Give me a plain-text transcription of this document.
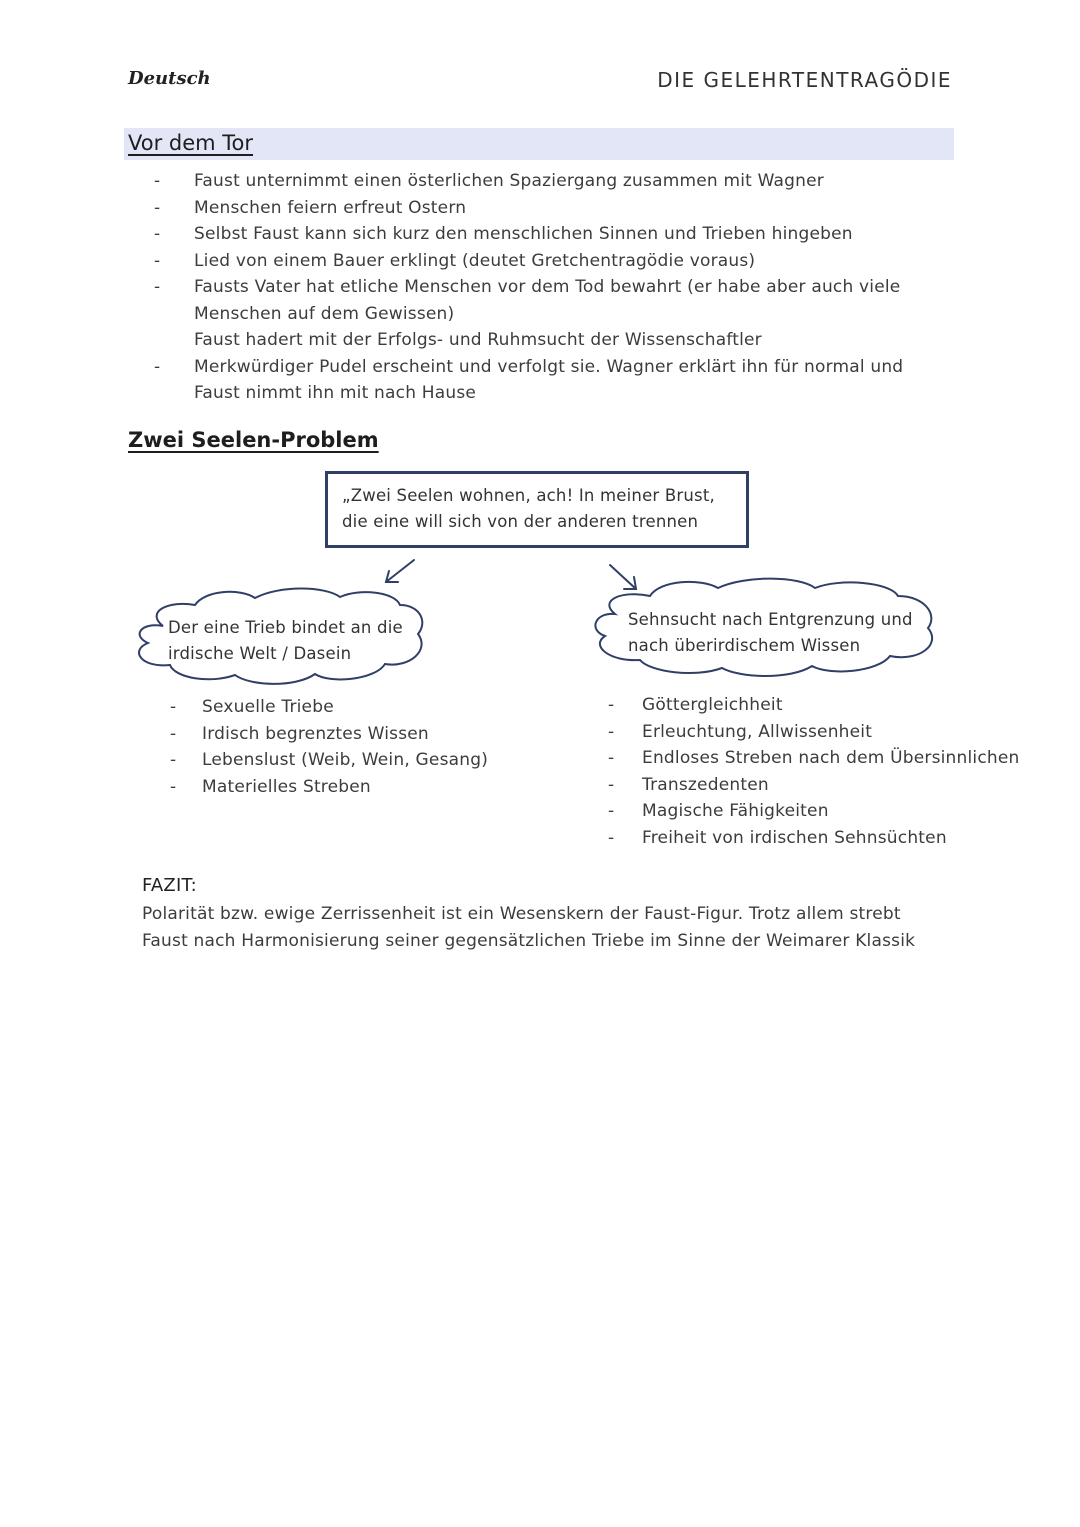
Deutsch	DIE GELEHRTENTRAGÖDIE
Vor dem Tor
- Faust unternimmt einen österlichen Spaziergang zusammen mit Wagner
- Menschen feiern erfreut Ostern
- Selbst Faust kann sich kurz den menschlichen Sinnen und Trieben hingeben
- Lied von einem Bauer erklingt (deutet Gretchentragödie voraus)
- Fausts Vater hat etliche Menschen vor dem Tod bewahrt (er habe aber auch viele Menschen auf dem Gewissen)
Faust hadert mit der Erfolgs- und Ruhmsucht der Wissenschaftler
- Merkwürdiger Pudel erscheint und verfolgt sie. Wagner erklärt ihn für normal und Faust nimmt ihn mit nach Hause
Zwei Seelen-Problem
„Zwei Seelen wohnen, ach! In meiner Brust, die eine will sich von der anderen trennen
Der eine Trieb bindet an die irdische Welt / Dasein
Sehnsucht nach Entgrenzung und nach überirdischem Wissen
- Sexuelle Triebe
- Irdisch begrenztes Wissen
- Lebenslust (Weib, Wein, Gesang)
- Materielles Streben
- Göttergleichheit
- Erleuchtung, Allwissenheit
- Endloses Streben nach dem Übersinnlichen
- Transzedenten
- Magische Fähigkeiten
- Freiheit von irdischen Sehnsüchten
FAZIT:
Polarität bzw. ewige Zerrissenheit ist ein Wesenskern der Faust-Figur. Trotz allem strebt Faust nach Harmonisierung seiner gegensätzlichen Triebe im Sinne der Weimarer Klassik
